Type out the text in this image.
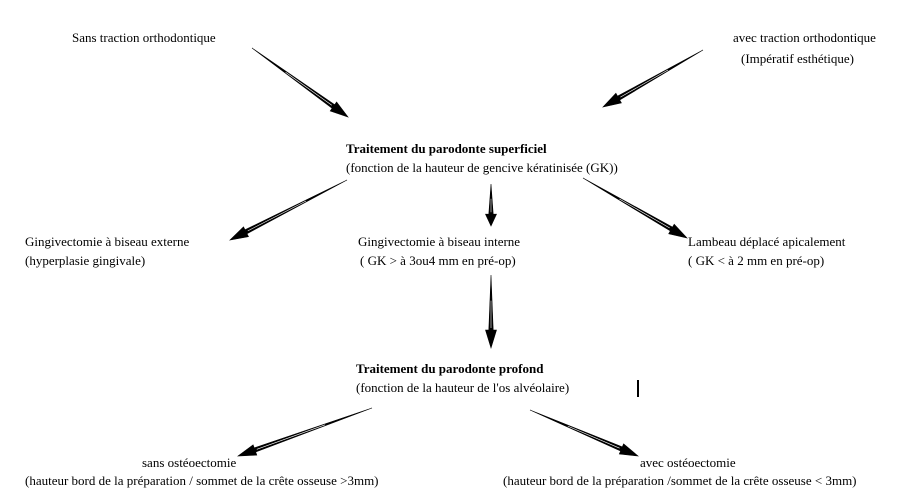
Sans traction orthodontique	avec traction orthodontique
(Impératif esthétique)
Traitement du parodonte superficiel
(fonction de la hauteur de gencive kératinisée (GK))
Gingivectomie à biseau externe
(hyperplasie gingivale)
Gingivectomie à biseau interne
( GK > à 3ou4 mm en pré-op)
Lambeau déplacé apicalement
( GK < à 2 mm en pré-op)
Traitement du parodonte profond
(fonction de la hauteur de l'os alvéolaire)
sans ostéoectomie
(hauteur bord de la préparation / sommet de la crête osseuse >3mm)
avec ostéoectomie
(hauteur bord de la préparation /sommet de la crête osseuse < 3mm)
